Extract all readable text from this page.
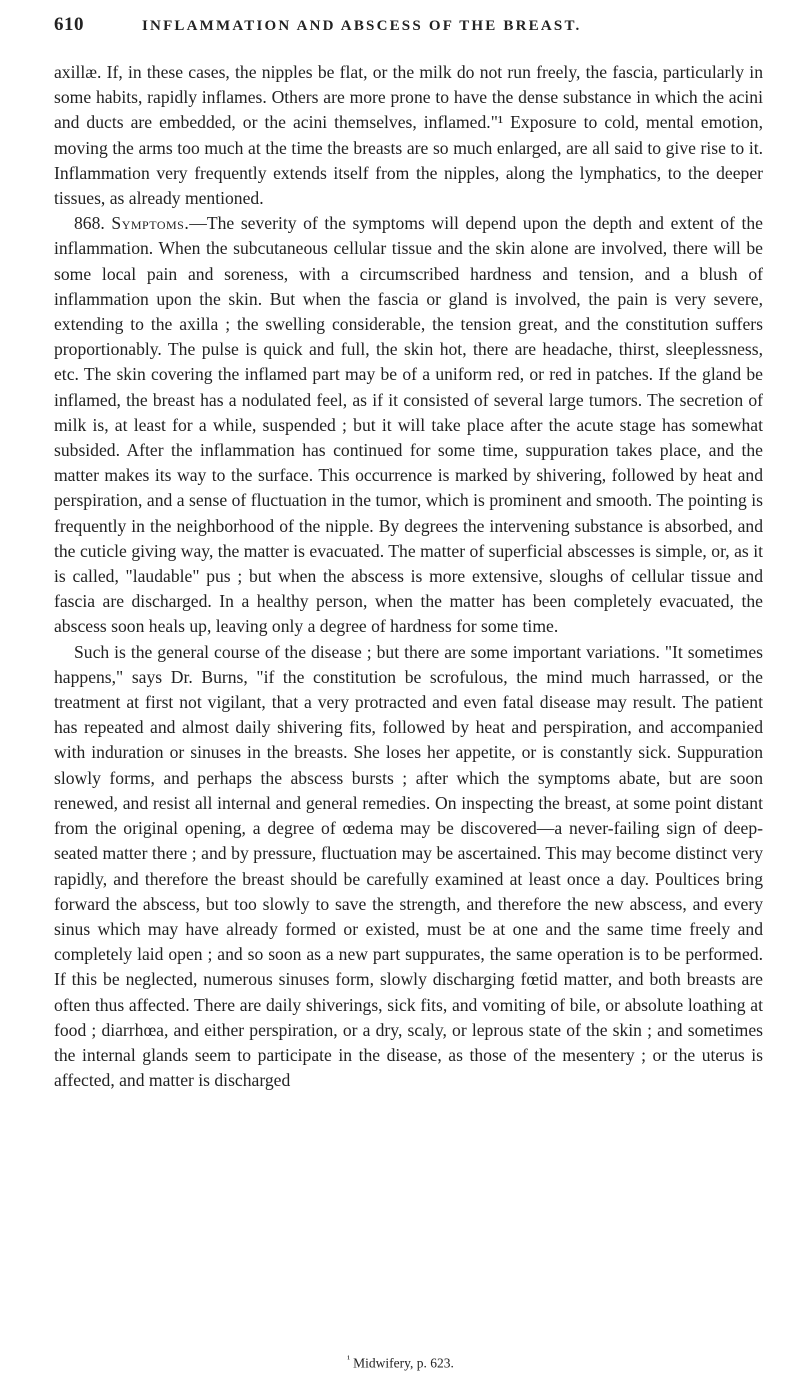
610	INFLAMMATION AND ABSCESS OF THE BREAST.

axillæ. If, in these cases, the nipples be flat, or the milk do not run freely, the fascia, particularly in some habits, rapidly inflames. Others are more prone to have the dense substance in which the acini and ducts are embedded, or the acini themselves, inflamed."¹ Exposure to cold, mental emotion, moving the arms too much at the time the breasts are so much enlarged, are all said to give rise to it. Inflammation very frequently extends itself from the nipples, along the lymphatics, to the deeper tissues, as already mentioned.

868. Symptoms.—The severity of the symptoms will depend upon the depth and extent of the inflammation. When the subcutaneous cellular tissue and the skin alone are involved, there will be some local pain and soreness, with a circumscribed hardness and tension, and a blush of inflammation upon the skin. But when the fascia or gland is involved, the pain is very severe, extending to the axilla ; the swelling considerable, the tension great, and the constitution suffers proportionably. The pulse is quick and full, the skin hot, there are headache, thirst, sleeplessness, etc. The skin covering the inflamed part may be of a uniform red, or red in patches. If the gland be inflamed, the breast has a nodulated feel, as if it consisted of several large tumors. The secretion of milk is, at least for a while, suspended ; but it will take place after the acute stage has somewhat subsided. After the inflammation has continued for some time, suppuration takes place, and the matter makes its way to the surface. This occurrence is marked by shivering, followed by heat and perspiration, and a sense of fluctuation in the tumor, which is prominent and smooth. The pointing is frequently in the neighborhood of the nipple. By degrees the intervening substance is absorbed, and the cuticle giving way, the matter is evacuated. The matter of superficial abscesses is simple, or, as it is called, "laudable" pus ; but when the abscess is more extensive, sloughs of cellular tissue and fascia are discharged. In a healthy person, when the matter has been completely evacuated, the abscess soon heals up, leaving only a degree of hardness for some time.

Such is the general course of the disease ; but there are some important variations. "It sometimes happens," says Dr. Burns, "if the constitution be scrofulous, the mind much harrassed, or the treatment at first not vigilant, that a very protracted and even fatal disease may result. The patient has repeated and almost daily shivering fits, followed by heat and perspiration, and accompanied with induration or sinuses in the breasts. She loses her appetite, or is constantly sick. Suppuration slowly forms, and perhaps the abscess bursts ; after which the symptoms abate, but are soon renewed, and resist all internal and general remedies. On inspecting the breast, at some point distant from the original opening, a degree of œdema may be discovered—a never-failing sign of deep-seated matter there ; and by pressure, fluctuation may be ascertained. This may become distinct very rapidly, and therefore the breast should be carefully examined at least once a day. Poultices bring forward the abscess, but too slowly to save the strength, and therefore the new abscess, and every sinus which may have already formed or existed, must be at one and the same time freely and completely laid open ; and so soon as a new part suppurates, the same operation is to be performed. If this be neglected, numerous sinuses form, slowly discharging fœtid matter, and both breasts are often thus affected. There are daily shiverings, sick fits, and vomiting of bile, or absolute loathing at food ; diarrhœa, and either perspiration, or a dry, scaly, or leprous state of the skin ; and sometimes the internal glands seem to participate in the disease, as those of the mesentery ; or the uterus is affected, and matter is discharged

$^{^1}$ Midwifery, p. 623.
